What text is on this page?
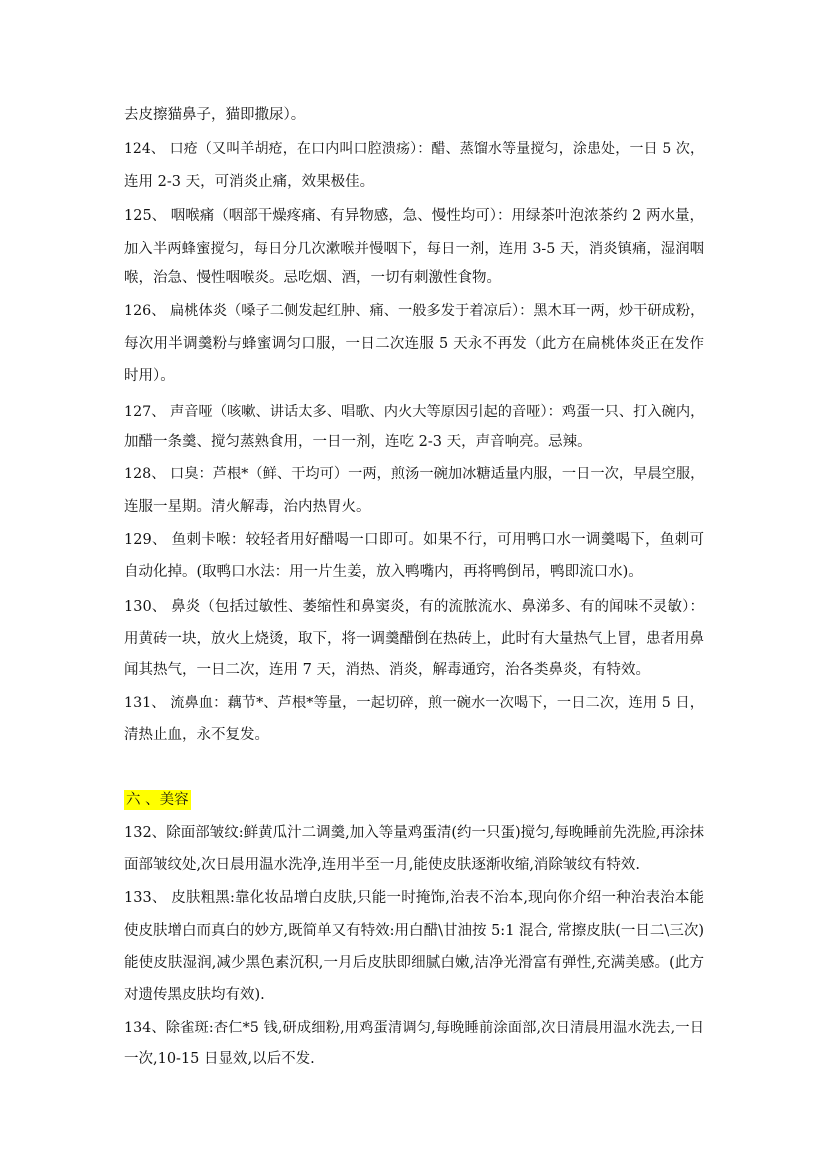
去皮擦猫鼻子，猫即撒尿）。
124、 口疮（又叫羊胡疮，在口内叫口腔溃疡）：醋、蒸馏水等量搅匀，涂患处，一日 5 次，
连用 2-3 天，可消炎止痛，效果极佳。
125、 咽喉痛（咽部干燥疼痛、有异物感，急、慢性均可）：用绿茶叶泡浓茶约 2 两水量，
加入半两蜂蜜搅匀，每日分几次漱喉并慢咽下，每日一剂，连用 3-5 天，消炎镇痛，湿润咽
喉，治急、慢性咽喉炎。忌吃烟、酒，一切有刺激性食物。
126、 扁桃体炎（嗓子二侧发起红肿、痛、一般多发于着凉后）：黑木耳一两，炒干研成粉，
每次用半调羹粉与蜂蜜调匀口服，一日二次连服 5 天永不再发（此方在扁桃体炎正在发作
时用）。
127、 声音哑（咳嗽、讲话太多、唱歌、内火大等原因引起的音哑）：鸡蛋一只、打入碗内，
加醋一条羹、搅匀蒸熟食用，一日一剂，连吃 2-3 天，声音响亮。忌辣。
128、 口臭：芦根*（鲜、干均可）一两，煎汤一碗加冰糖适量内服，一日一次，早晨空服，
连服一星期。清火解毒，治内热胃火。
129、 鱼刺卡喉：较轻者用好醋喝一口即可。如果不行，可用鸭口水一调羹喝下，鱼刺可
自动化掉。(取鸭口水法：用一片生姜，放入鸭嘴内，再将鸭倒吊，鸭即流口水)。
130、 鼻炎（包括过敏性、萎缩性和鼻窦炎，有的流脓流水、鼻涕多、有的闻味不灵敏）：
用黄砖一块，放火上烧烫，取下，将一调羹醋倒在热砖上，此时有大量热气上冒，患者用鼻
闻其热气，一日二次，连用 7 天，消热、消炎，解毒通窍，治各类鼻炎，有特效。
131、 流鼻血：藕节*、芦根*等量，一起切碎，煎一碗水一次喝下，一日二次，连用 5 日，
清热止血，永不复发。
六 、美容
132、除面部皱纹:鲜黄瓜汁二调羹,加入等量鸡蛋清(约一只蛋)搅匀,每晚睡前先洗脸,再涂抹
面部皱纹处,次日晨用温水洗净,连用半至一月,能使皮肤逐渐收缩,消除皱纹有特效.
133、 皮肤粗黑:靠化妆品增白皮肤,只能一时掩饰,治表不治本,现向你介绍一种治表治本能
使皮肤增白而真白的妙方,既简单又有特效:用白醋\甘油按 5:1 混合, 常擦皮肤(一日二\三次)
能使皮肤湿润,减少黑色素沉积,一月后皮肤即细腻白嫩,洁净光滑富有弹性,充满美感。(此方
对遗传黑皮肤均有效).
134、除雀斑:杏仁*5 钱,研成细粉,用鸡蛋清调匀,每晚睡前涂面部,次日清晨用温水洗去,一日
一次,10-15 日显效,以后不发.
